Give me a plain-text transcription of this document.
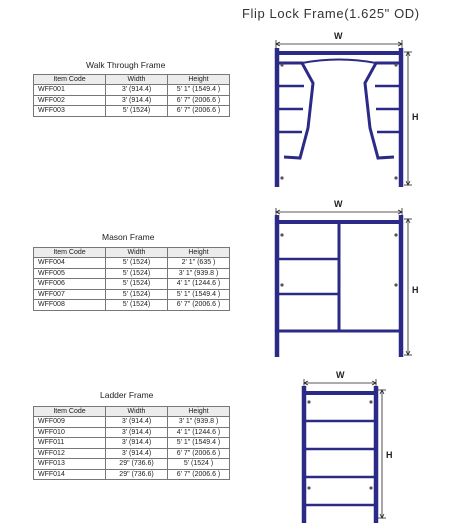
Flip Lock Frame(1.625" OD)
Walk Through Frame
Item Code	Width	Height
WFF001	3' (914.4)	5' 1" (1549.4 )
WFF002	3' (914.4)	6' 7" (2006.6 )
WFF003	5' (1524)	6' 7" (2006.6 )
Mason Frame
Item Code	Width	Height
WFF004	5' (1524)	2' 1" (635 )
WFF005	5' (1524)	3' 1" (939.8 )
WFF006	5' (1524)	4' 1" (1244.6 )
WFF007	5' (1524)	5' 1" (1549.4 )
WFF008	5' (1524)	6' 7" (2006.6 )
Ladder Frame
Item Code	Width	Height
WFF009	3' (914.4)	3' 1" (939.8 )
WFF010	3' (914.4)	4' 1" (1244.6 )
WFF011	3' (914.4)	5' 1" (1549.4 )
WFF012	3' (914.4)	6' 7" (2006.6 )
WFF013	29" (736.6)	5' (1524 )
WFF014	29" (736.6)	6' 7" (2006.6 )
W
H
W
H
W
H
